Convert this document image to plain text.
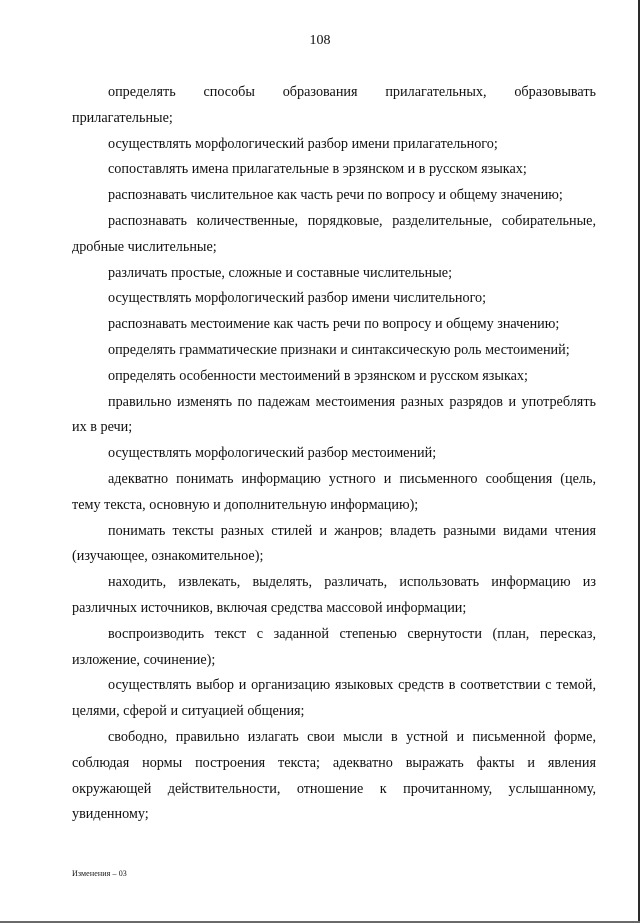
108

определять способы образования прилагательных, образовывать прилагательные;

осуществлять морфологический разбор имени прилагательного;

сопоставлять имена прилагательные в эрзянском и в русском языках;

распознавать числительное как часть речи по вопросу и общему значению;

распознавать количественные, порядковые, разделительные, собирательные, дробные числительные;

различать простые, сложные и составные числительные;

осуществлять морфологический разбор имени числительного;

распознавать местоимение как часть речи по вопросу и общему значению;

определять грамматические признаки и синтаксическую роль местоимений;

определять особенности местоимений в эрзянском и русском языках;

правильно изменять по падежам местоимения разных разрядов и употреблять их в речи;

осуществлять морфологический разбор местоимений;

адекватно понимать информацию устного и письменного сообщения (цель, тему текста, основную и дополнительную информацию);

понимать тексты разных стилей и жанров; владеть разными видами чтения (изучающее, ознакомительное);

находить, извлекать, выделять, различать, использовать информацию из различных источников, включая средства массовой информации;

воспроизводить текст с заданной степенью свернутости (план, пересказ, изложение, сочинение);

осуществлять выбор и организацию языковых средств в соответствии с темой, целями, сферой и ситуацией общения;

свободно, правильно излагать свои мысли в устной и письменной форме, соблюдая нормы построения текста; адекватно выражать факты и явления окружающей действительности, отношение к прочитанному, услышанному, увиденному;

Изменения – 03
